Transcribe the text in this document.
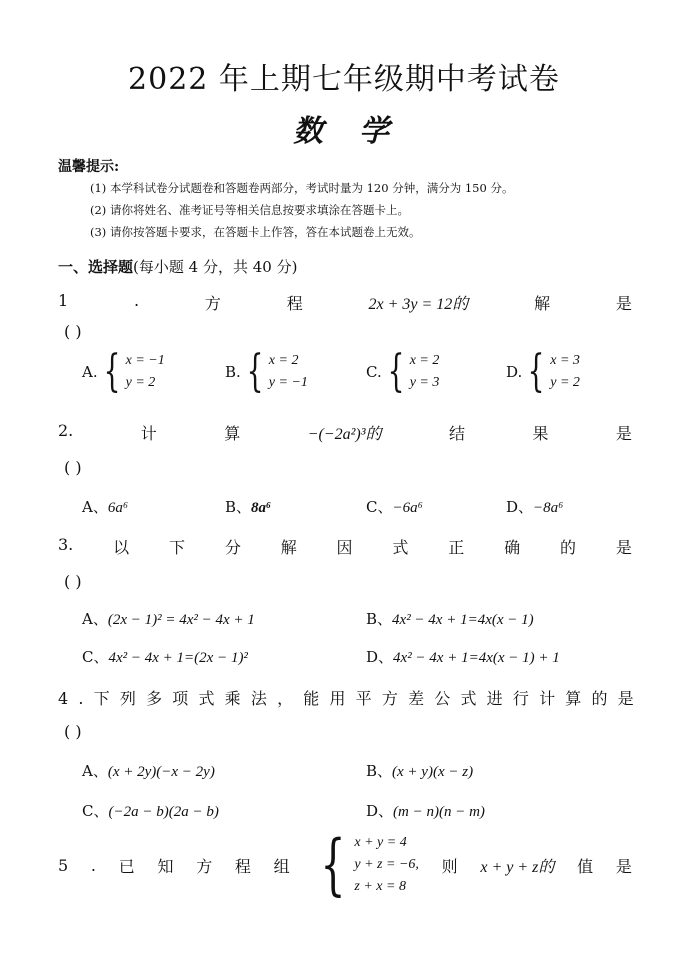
2022 年上期七年级期中考试卷
数学
温馨提示:
(1) 本学科试卷分试题卷和答题卷两部分，考试时量为 120 分钟，满分为 150 分。
(2) 请你将姓名、准考证号等相关信息按要求填涂在答题卡上。
(3) 请你按答题卡要求，在答题卡上作答，答在本试题卷上无效。
一、选择题(每小题 4 分，共 40 分)
1	.	方	程	2x + 3y = 12的	解	是
( )
A. { x = −1
y = 2
B. { x = 2
y = −1
C. { x = 2
y = 3
D. { x = 3
y = 2
2.	计	算	−(−2a²)³的	结	果	是
( )
A、6a⁶	B、8a⁶	C、−6a⁶	D、−8a⁶
3. 以 下 分 解 因 式 正 确 的 是
( )
A、(2x − 1)² = 4x² − 4x + 1	B、4x² − 4x + 1=4x(x − 1)
C、4x² − 4x + 1=(2x − 1)²	D、4x² − 4x + 1=4x(x − 1) + 1
4.下列多项式乘法，能用平方差公式进行计算的是
( )
A、(x + 2y)(−x − 2y)	B、(x + y)(x − z)
C、(−2a − b)(2a − b)	D、(m − n)(n − m)
5 . 已 知 方 程 组 { x + y = 4
y + z = −6,
z + x = 8
则 x + y + z的 值 是
